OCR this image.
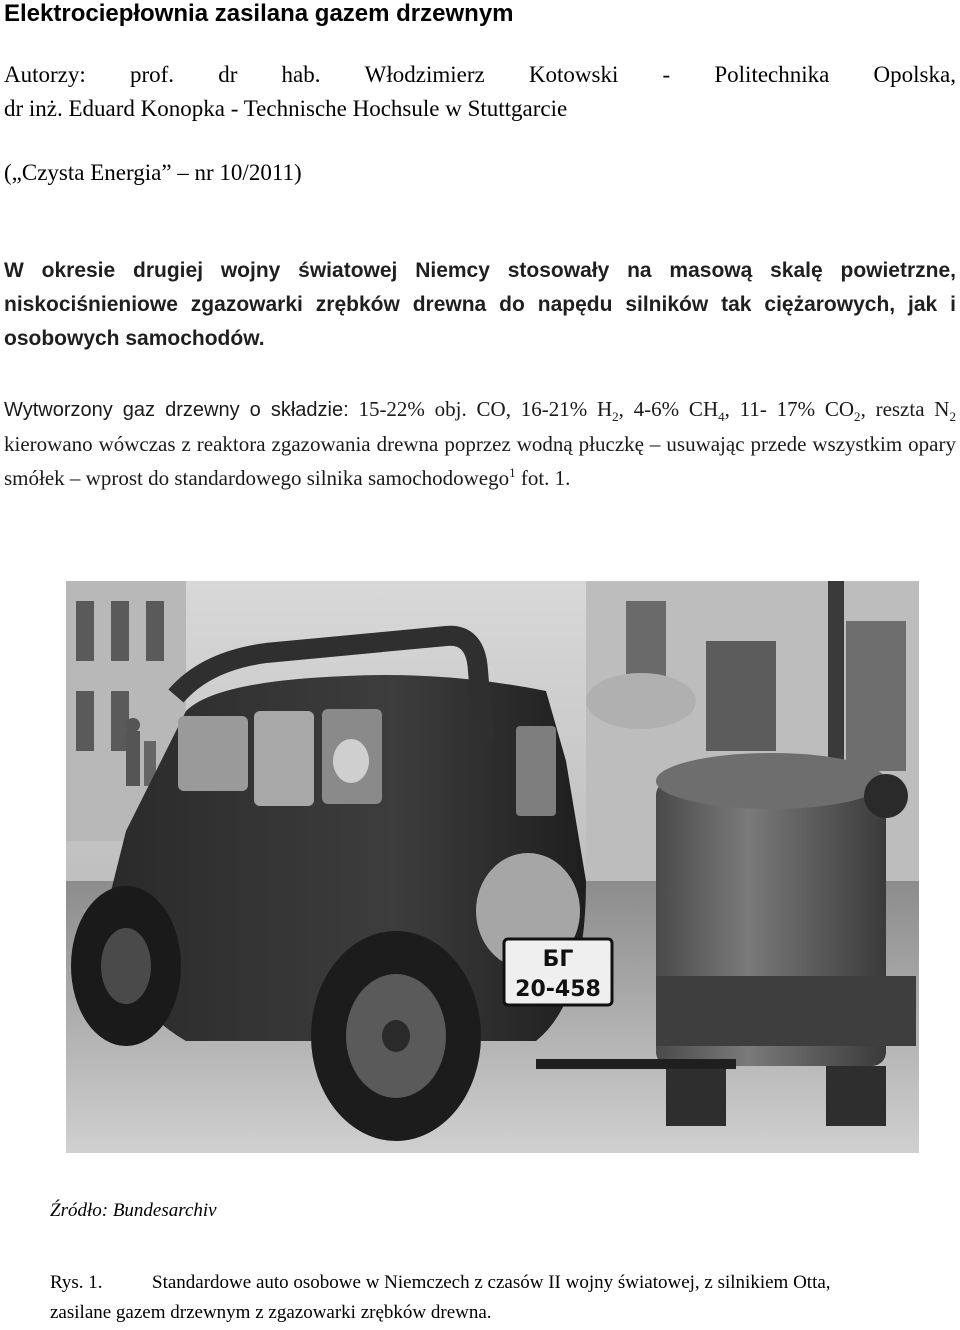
Elektrociepłownia zasilana gazem drzewnym
Autorzy: prof. dr hab. Włodzimierz Kotowski - Politechnika Opolska,
dr inż. Eduard Konopka - Technische Hochsule w Stuttgarcie
(„Czysta Energia” – nr 10/2011)
W okresie drugiej wojny światowej Niemcy stosowały na masową skalę powietrzne, niskociśnieniowe zgazowarki zrębków drewna do napędu silników tak ciężarowych, jak i osobowych samochodów.
Wytworzony gaz drzewny o składzie: 15-22% obj. CO, 16-21% $H_2$, 4-6% $CH_4$, 11- 17% $CO_2$, reszta $N_2$ kierowano wówczas z reaktora zgazowania drewna poprzez wodną płuczkę – usuwając przede wszystkim opary smółek – wprost do standardowego silnika samochodowego$^1$ fot. 1.
БГ
20-458
Źródło: Bundesarchiv
Rys. 1.	Standardowe auto osobowe w Niemczech z czasów II wojny światowej, z silnikiem Otta,
zasilane gazem drzewnym z zgazowarki zrębków drewna.
